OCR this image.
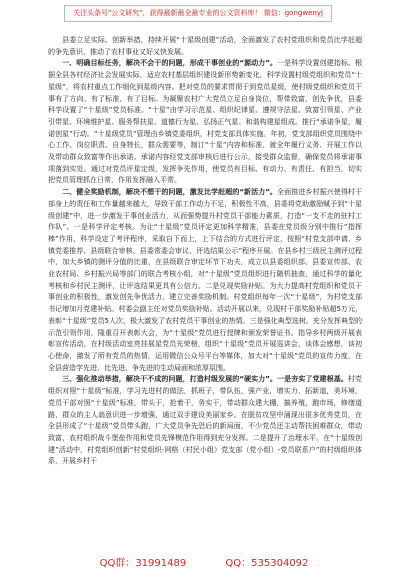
关注头条号"公文研究"，获得最新最全最专业的公文资料库！ 微信：gongwenyj

县委立足实际、创新举措，持续开展“十星级创建”活动，全面激发了农村党组织和党员比学赶超的争先意识，推动了农村事业又好又快发展。

一、明确目标任务，解决不会干的问题，形成干事创业的“源动力”。一是科学设置创建指标。根据全县各村经济社会发展实际，适应农村基层组织建设新形势新变化，科学设置村级党组织和党员“十星级”，将农村重点工作细化到星级内容。把对党员的要求贯彻于到党员星级，使村级党组织和党员干事有了方向、有了标准、有了目标。为凝聚农村广大党员立足自身岗位，帮带致富，创先争优，县委科学设置了“十星级”党员标准。“十星”由学习示范星、组织纪律星、遵规守法星、致富引领星、产业引带星、环境维护星、服务帮扶星、道德行为星、弘扬正气星、和谐构建星组成。推行“承诺争星，履诺创星”行动。“十星级党员”管理由乡镇党委组织，村党支部具体实施。年初，党支部组织党员围绕中心工作、岗位职责、自身特长，群众需要等，制订“十星”内容和标准，就全年履行义务、开展工作以及带动群众致富等作出承诺。承诺内容经党支部审核后进行公示，接受群众监督，确保党员将承诺事项落到实处。通过对党员评星定级，发挥争先作用，使党员有目标、有动力、有责任、有担当，切实把党员管理抓在日常，作用发挥融入平常。

二、健全奖励机制，解决不想干的问题，激发比学赶超的“新活力”。全面推进乡村振兴使得村干部身上的责任和工作量越来越大，导致干部工作动力不足，积极性不高，县委将党助激励赋予到“十星级创建”中，进一步激发干事创业活力，从而强势提升村党员干部能力素质，打造“一支不走的驻村工作队”。一是科学评定考核。为让“十星级”党员评定更加科学精准，县委在党员级分别中推行“指挥棒”作用，科学设定了考评程序，采取自下而上，上下结合的方式进行评定，按照“村党支部申请、乡镇党委推荐、县级联合审核、县委常委会审议、评选结果公示”程序开展。在县乡村三级民主测评过程中，加大乡镇的测评分值的比重，在县级联合审定环节下功夫，成立以县委组织部、县委宣传部、农业农村局、乡村振兴局等部门的联合考核小组，对“十星级”党员组织进行随机抽查，通过科学的量化考核和乡村民主测评，让评选结果更具有公信力。二是兑现奖励补贴。为大力提高村党组织和党员干事创业的积极性，激发创先争优活力，建立完善奖励机制。村党组织每年一次“十星级”，为村党支部书记增加月党建补贴。村委会副主任对党员奖励补贴。活动开展以来，兑现村干部奖励补贴超5万元，表彰“十星级”党员5人次，极大激发了农村党员干事创业的热情。三是强化典型选树。充分发挥典型的示范引领作用，隆重召开表彰大会，为“十星级”党员进行授牌和颁发荣誉证书。指导乡村两级开展表彰宣传活动，在村级活动室亮挂展星党员光荣榜，组织“十星级”党员开展巡讲会，谈体会感想，谈初心使命，激发了所有党员的热情，运用微信公众号平台等媒体，加大对“十星级”党员的宣传力度，在全县营造学先进、比先进、争先进的生动局面和浓厚氛围。

三、强化推动举措，解决干不成的问题，打造村级发展的“硬实力”。一是夯实了党建根基。村党组织对照“十星级”标准，学习先进村的做法，抓班子，带队伍，强产业，增实力，拓新道，美环境，党员干部对照“十星级”标准，带头干，抢着干，务实干，带动群众建大棚，搞养殖，跑市场，修缮道路，群众的主人翁意识进一步增强，通过双手建设美丽家乡。在脱贫攻坚中涌现出很多优秀党员，在全县形成了“十星级”党员带头跑，广大党员争先恐后的新局面，不少党员还主动帮扶困难群众，带动致富，农村组织战斗堡垒作用和党员先锋模范作用得到充分发挥。二是提升了治理水平。在“十星级创建”活动中，村党组织创新“村党组织-网格（村民小组）党支部（党小组）-党员联系户”的村级组织体系，开展乡村干

QQ群：31991489	QQ：535304092
